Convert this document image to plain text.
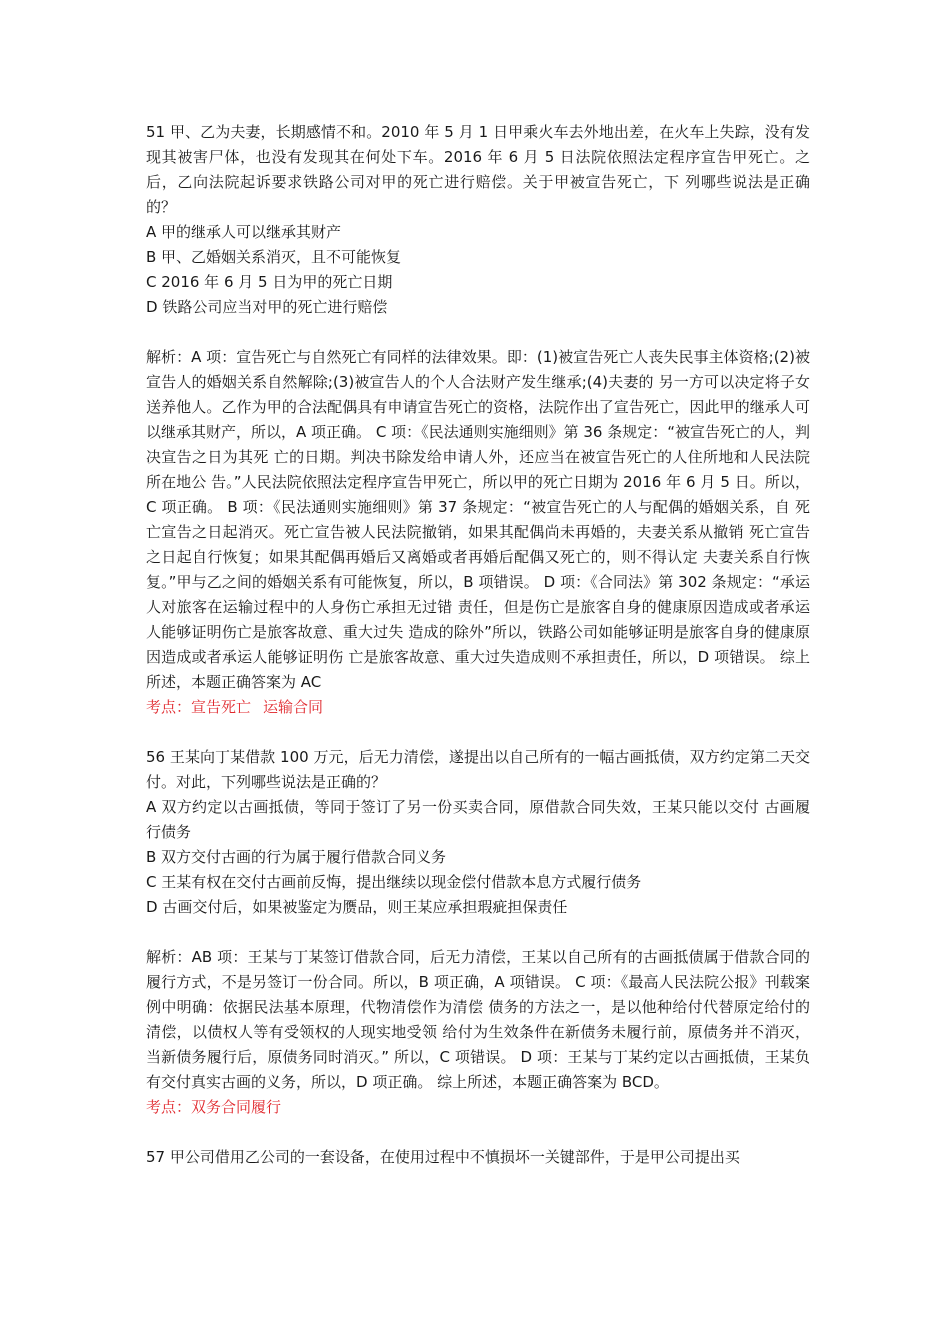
51 甲、乙为夫妻，长期感情不和。2010 年 5 月 1 日甲乘火车去外地出差，在火车上失踪，没有发现其被害尸体，也没有发现其在何处下车。2016 年 6 月 5 日法院依照法定程序宣告甲死亡。之后，乙向法院起诉要求铁路公司对甲的死亡进行赔偿。关于甲被宣告死亡，下 列哪些说法是正确的？

A 甲的继承人可以继承其财产

B 甲、乙婚姻关系消灭，且不可能恢复

C 2016 年 6 月 5 日为甲的死亡日期

D 铁路公司应当对甲的死亡进行赔偿

解析：A 项：宣告死亡与自然死亡有同样的法律效果。即：(1)被宣告死亡人丧失民事主体资格;(2)被宣告人的婚姻关系自然解除;(3)被宣告人的个人合法财产发生继承;(4)夫妻的 另一方可以决定将子女送养他人。乙作为甲的合法配偶具有申请宣告死亡的资格，法院作出了宣告死亡，因此甲的继承人可以继承其财产，所以，A 项正确。 C 项：《民法通则实施细则》第 36 条规定：“被宣告死亡的人，判决宣告之日为其死 亡的日期。判决书除发给申请人外，还应当在被宣告死亡的人住所地和人民法院所在地公 告。”人民法院依照法定程序宣告甲死亡，所以甲的死亡日期为 2016 年 6 月 5 日。所以，C 项正确。 B 项：《民法通则实施细则》第 37 条规定：“被宣告死亡的人与配偶的婚姻关系，自 死亡宣告之日起消灭。死亡宣告被人民法院撤销，如果其配偶尚未再婚的，夫妻关系从撤销 死亡宣告之日起自行恢复；如果其配偶再婚后又离婚或者再婚后配偶又死亡的，则不得认定 夫妻关系自行恢复。”甲与乙之间的婚姻关系有可能恢复，所以，B 项错误。 D 项：《合同法》第 302 条规定：“承运人对旅客在运输过程中的人身伤亡承担无过错 责任，但是伤亡是旅客自身的健康原因造成或者承运人能够证明伤亡是旅客故意、重大过失 造成的除外”所以，铁路公司如能够证明是旅客自身的健康原因造成或者承运人能够证明伤 亡是旅客故意、重大过失造成则不承担责任，所以，D 项错误。 综上所述，本题正确答案为 AC

考点：宣告死亡 运输合同

56 王某向丁某借款 100 万元，后无力清偿，遂提出以自己所有的一幅古画抵债，双方约定第二天交付。对此，下列哪些说法是正确的？

A 双方约定以古画抵债，等同于签订了另一份买卖合同，原借款合同失效，王某只能以交付 古画履行债务

B 双方交付古画的行为属于履行借款合同义务

C 王某有权在交付古画前反悔，提出继续以现金偿付借款本息方式履行债务

D 古画交付后，如果被鉴定为赝品，则王某应承担瑕疵担保责任

解析：AB 项：王某与丁某签订借款合同，后无力清偿，王某以自己所有的古画抵债属于借款合同的履行方式，不是另签订一份合同。所以，B 项正确，A 项错误。 C 项：《最高人民法院公报》刊载案例中明确：依据民法基本原理，代物清偿作为清偿 债务的方法之一，是以他种给付代替原定给付的清偿，以债权人等有受领权的人现实地受领 给付为生效条件在新债务未履行前，原债务并不消灭，当新债务履行后，原债务同时消灭。” 所以，C 项错误。 D 项：王某与丁某约定以古画抵债，王某负有交付真实古画的义务，所以，D 项正确。 综上所述，本题正确答案为 BCD。

考点：双务合同履行

57 甲公司借用乙公司的一套设备，在使用过程中不慎损坏一关键部件，于是甲公司提出买
